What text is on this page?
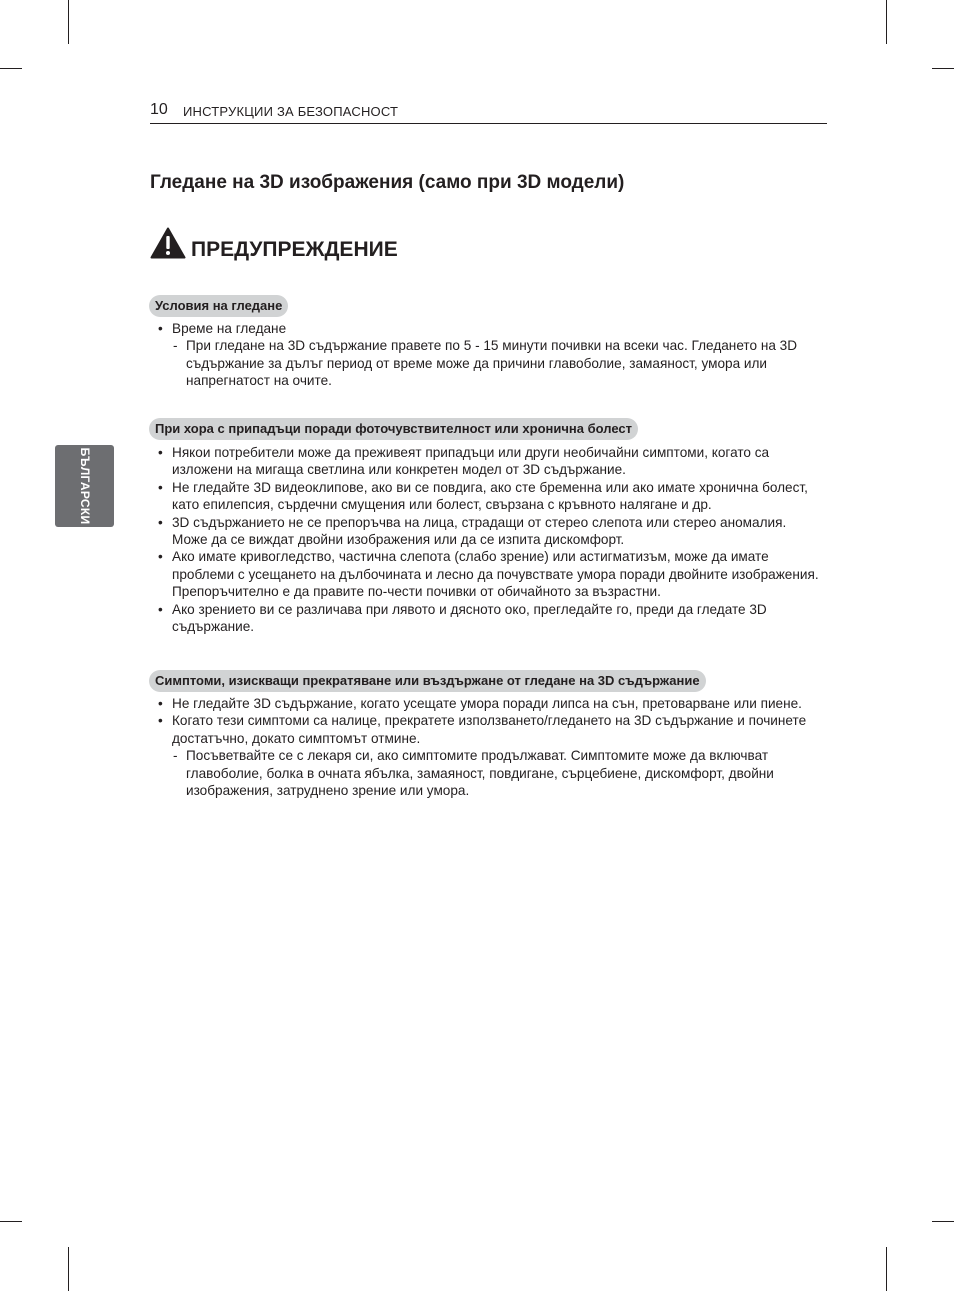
10 ИНСТРУКЦИИ ЗА БЕЗОПАСНОСТ
БЪЛГАРСКИ
Гледане на 3D изображения (само при 3D модели)
ПРЕДУПРЕЖДЕНИЕ
Условия на гледане
• Време на гледане
- При гледане на 3D съдържание правете по 5 - 15 минути почивки на всеки час. Гледането на 3D съдържание за дълъг период от време може да причини главоболие, замаяност, умора или напрегнатост на очите.
При хора с припадъци поради фоточувствителност или хронична болест
• Някои потребители може да преживеят припадъци или други необичайни симптоми, когато са изложени на мигаща светлина или конкретен модел от 3D съдържание.
• Не гледайте 3D видеоклипове, ако ви се повдига, ако сте бременна или ако имате хронична болест, като епилепсия, сърдечни смущения или болест, свързана с кръвното налягане и др.
• 3D съдържанието не се препоръчва на лица, страдащи от стерео слепота или стерео аномалия. Може да се виждат двойни изображения или да се изпита дискомфорт.
• Ако имате кривогледство, частична слепота (слабо зрение) или астигматизъм, може да имате проблеми с усещането на дълбочината и лесно да почувствате умора поради двойните изображения. Препоръчително е да правите по-чести почивки от обичайното за възрастни.
• Ако зрението ви се различава при лявото и дясното око, прегледайте го, преди да гледате 3D съдържание.
Симптоми, изискващи прекратяване или въздържане от гледане на 3D съдържание
• Не гледайте 3D съдържание, когато усещате умора поради липса на сън, претоварване или пиене.
• Когато тези симптоми са налице, прекратете използването/гледането на 3D съдържание и починете достатъчно, докато симптомът отмине.
- Посъветвайте се с лекаря си, ако симптомите продължават. Симптомите може да включват главоболие, болка в очната ябълка, замаяност, повдигане, сърцебиене, дискомфорт, двойни изображения, затруднено зрение или умора.
